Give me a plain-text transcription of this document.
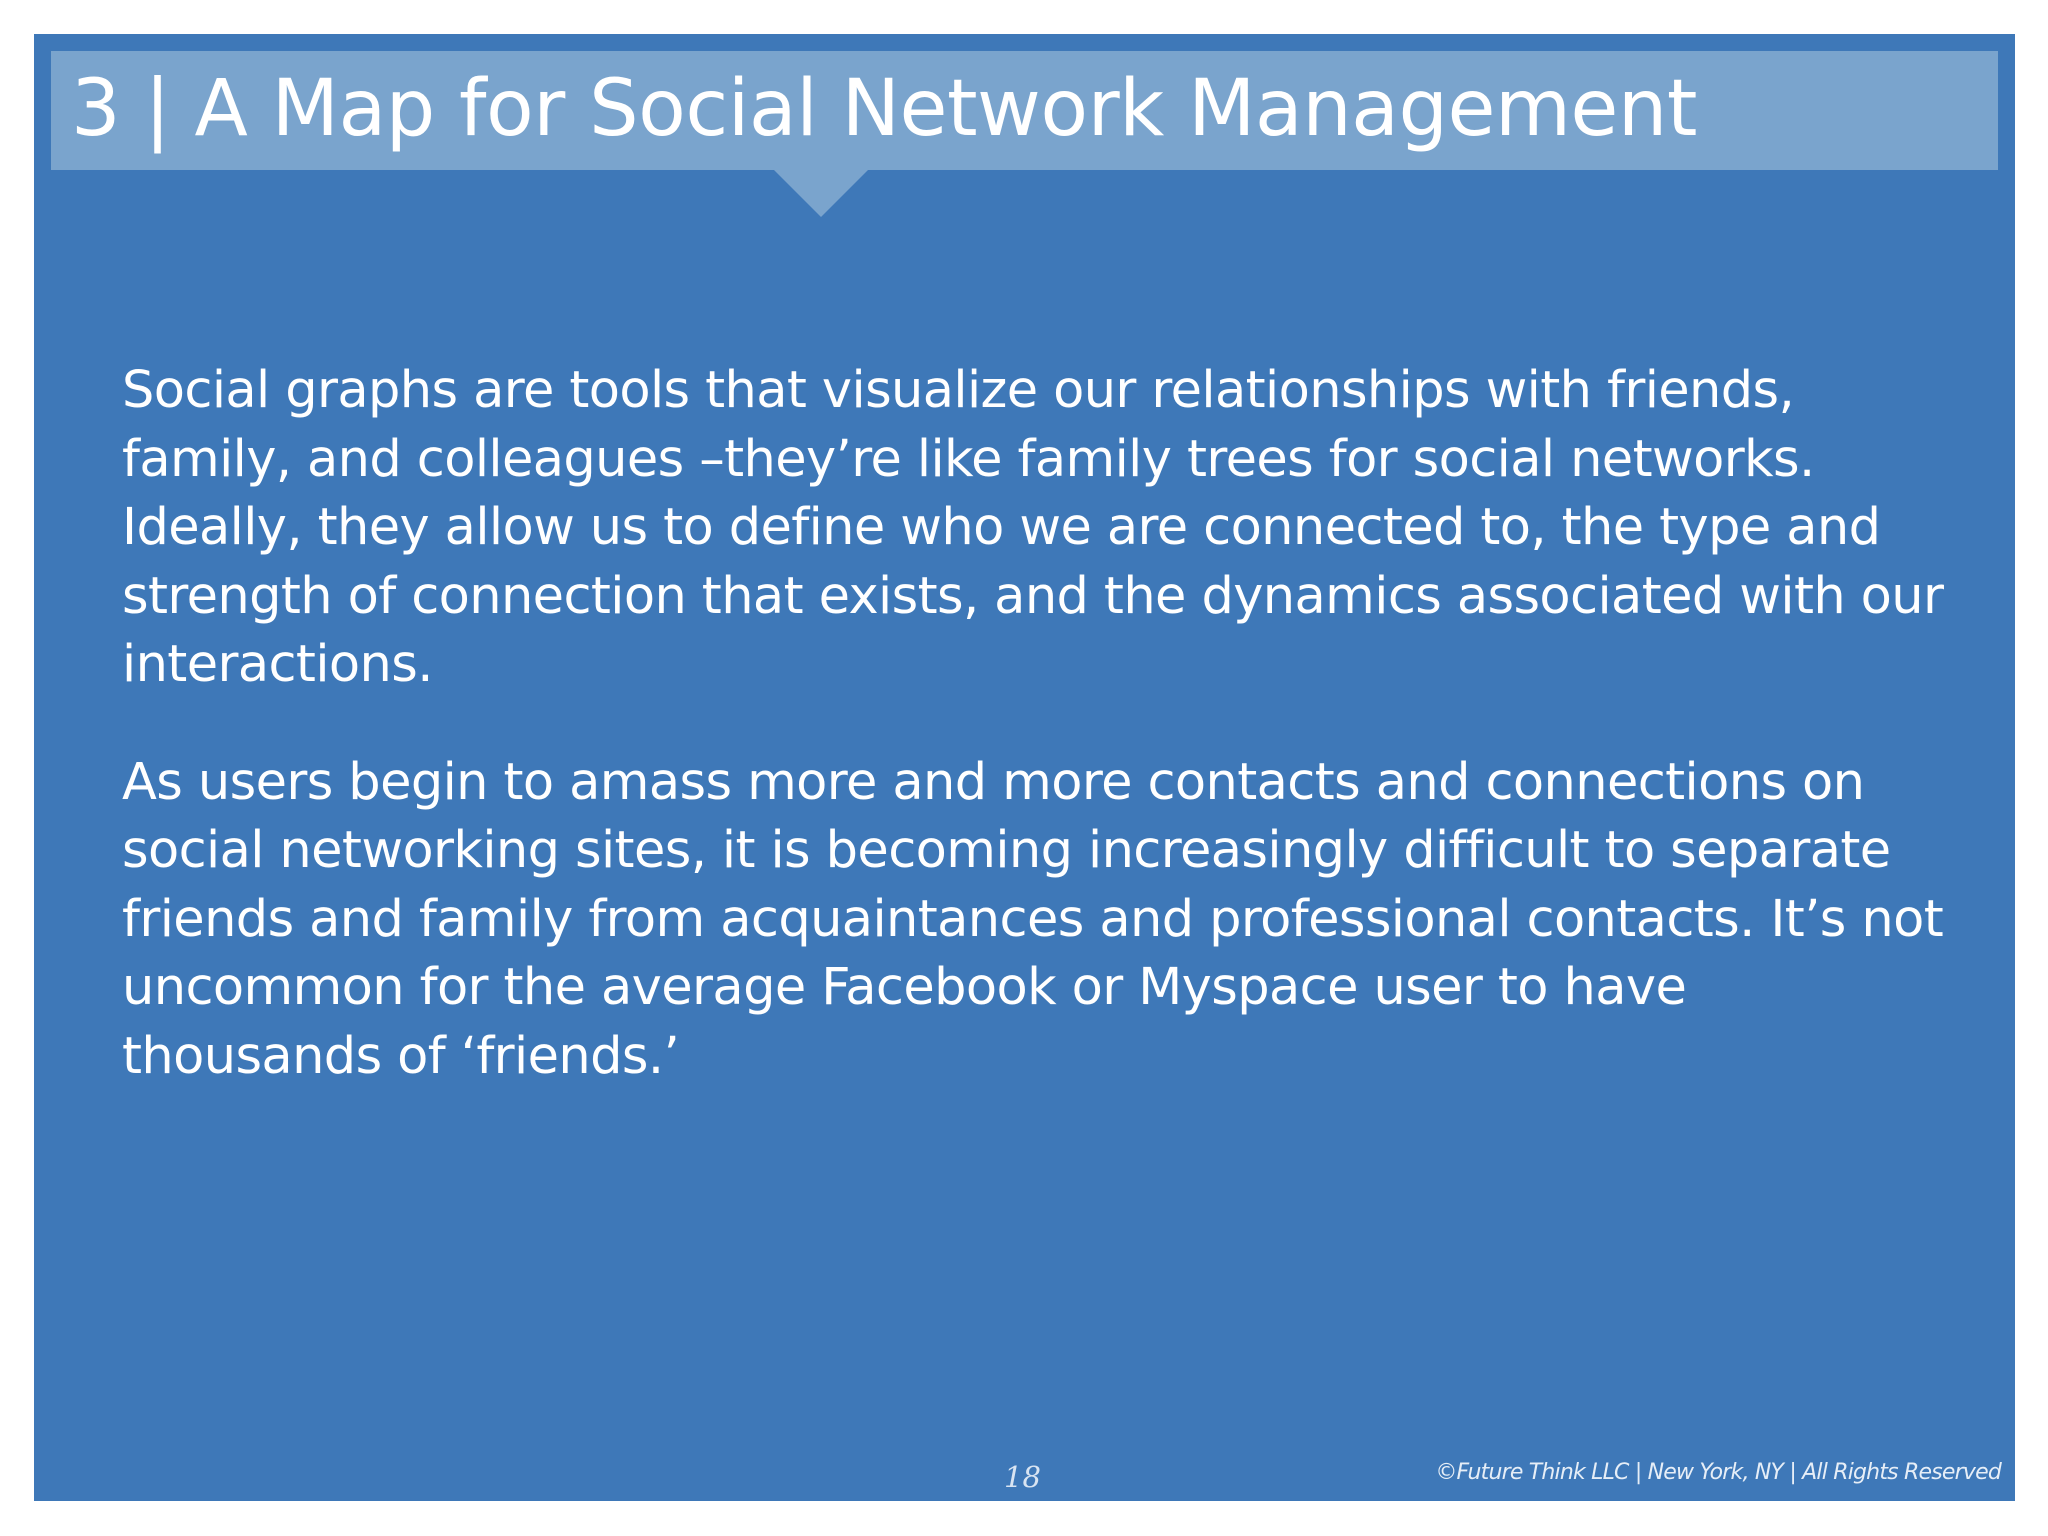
3 | A Map for Social Network Management

Social graphs are tools that visualize our relationships with friends, family, and colleagues –they’re like family trees for social networks. Ideally, they allow us to define who we are connected to, the type and strength of connection that exists, and the dynamics associated with our interactions.

As users begin to amass more and more contacts and connections on social networking sites, it is becoming increasingly difficult to separate friends and family from acquaintances and professional contacts. It’s not uncommon for the average Facebook or Myspace user to have thousands of ‘friends.’

18	©Future Think LLC | New York, NY | All Rights Reserved
